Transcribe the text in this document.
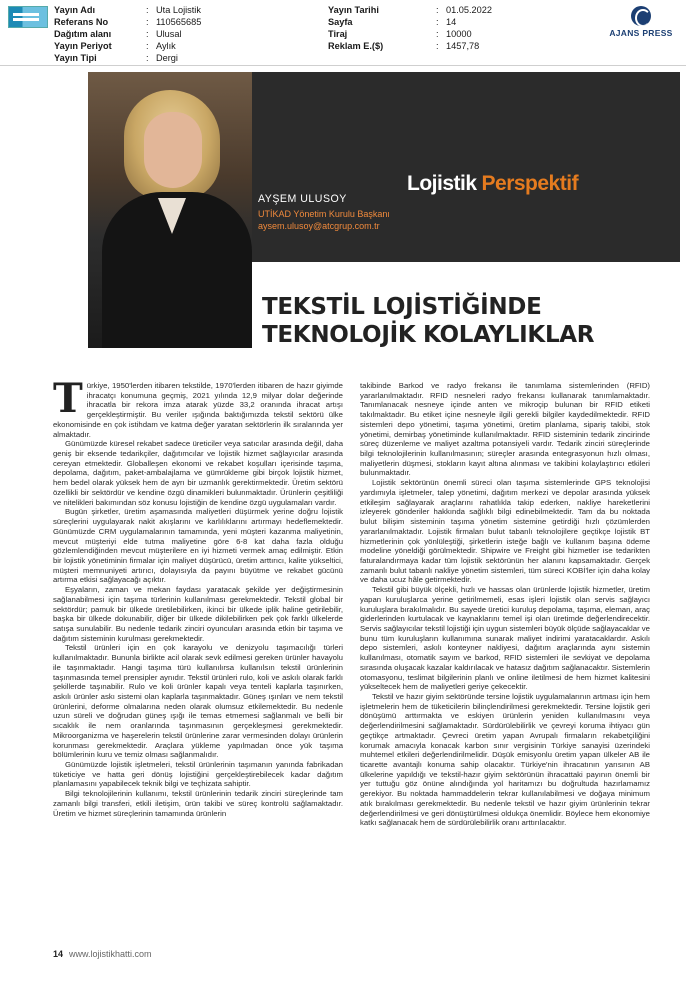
Yayın Adı	: Uta Lojistik
Referans No	: 110565685
Dağıtım alanı	: Ulusal
Yayın Periyot	: Aylık
Yayın Tipi	: Dergi
Yayın Tarihi	: 01.05.2022
Sayfa	: 14
Tiraj	: 10000
Reklam E.($)	: 1457,78
AJANS PRESS
Lojistik Perspektif
AYŞEM ULUSOY
UTİKAD Yönetim Kurulu Başkanı
aysem.ulusoy@atcgrup.com.tr
TEKSTİL LOJİSTİĞİNDE
TEKNOLOJİK KOLAYLIKLAR

Türkiye, 1950'lerden itibaren tekstilde, 1970'lerden itibaren de hazır giyimde ihracatçı konumuna geçmiş, 2021 yılında 12,9 milyar dolar değerinde ihracatla bir rekora imza atarak yüzde 33,2 oranında ihracat artışı gerçekleştirmiştir. Bu veriler ışığında baktığımızda tekstil sektörü ülke ekonomisinde en çok istihdam ve katma değer yaratan sektörlerin ilk sıralarında yer almaktadır.

Günümüzde küresel rekabet sadece üreticiler veya satıcılar arasında değil, daha geniş bir eksende tedarikçiler, dağıtımcılar ve lojistik hizmet sağlayıcılar arasında cereyan etmektedir. Globalleşen ekonomi ve rekabet koşulları içerisinde taşıma, depolama, dağıtım, paket-ambalajlama ve gümrükleme gibi birçok lojistik hizmet, hem bedel olarak yüksek hem de ayrı bir uzmanlık gerektirmektedir. Üretim sektörü özellikli bir sektördür ve kendine özgü dinamikleri bulunmaktadır. Ürünlerin çeşitliliği ve nitelikleri bakımından söz konusu lojistiğin de kendine özgü uygulamaları vardır.

Bugün şirketler, üretim aşamasında maliyetleri düşürmek yerine doğru lojistik süreçlerini uygulayarak nakit akışlarını ve karlılıklarını artırmayı hedeflemektedir. Günümüzde CRM uygulamalarının tamamında, yeni müşteri kazanma maliyetinin, mevcut müşteriyi elde tutma maliyetine göre 6-8 kat daha fazla olduğu gözlemlendiğinden mevcut müşterilere en iyi hizmeti vermek amaç edilmiştir. Etkin bir lojistik yönetiminin firmalar için maliyet düşürücü, üretim arttırıcı, kalite yükseltici, müşteri memnuniyeti artırıcı, dolayısıyla da payını büyütme ve rekabet gücünü artırma etkisi sağlayacağı açıktır.

Eşyaların, zaman ve mekan faydası yaratacak şekilde yer değiştirmesinin sağlanabilmesi için taşıma türlerinin kullanılması gerekmektedir. Tekstil global bir sektördür; pamuk bir ülkede üretilebilirken, ikinci bir ülkede iplik haline getirilebilir, başka bir ülkede dokunabilir, diğer bir ülkede dikilebilirken pek çok farklı ülkelerde satışa sunulabilir. Bu nedenle tedarik zinciri oyuncuları arasında etkin bir taşıma ve dağıtım sisteminin kurulması gerekmektedir.

Tekstil ürünleri için en çok karayolu ve denizyolu taşımacılığı türleri kullanılmaktadır. Bununla birlikte acil olarak sevk edilmesi gereken ürünler havayolu ile taşınmaktadır. Hangi taşıma türü kullanılırsa kullanılsın tekstil ürünlerinin taşınmasında temel prensipler aynıdır. Tekstil ürünleri rulo, koli ve askılı olarak farklı şekillerde taşınabilir. Rulo ve koli ürünler kapalı veya tenteli kaplarla taşınırken, askılı ürünler askı sistemi olan kaplarla taşınmaktadır. Güneş ışınları ve nem tekstil ürünlerini, deforme olmalarına neden olarak olumsuz etkilemektedir. Bu nedenle uzun süreli ve doğrudan güneş ışığı ile temas etmemesi sağlanmalı ve belli bir sıcaklık ile nem oranlarında taşınmasının gerçekleşmesi gerekmektedir. Mikroorganizma ve haşerelerin tekstil ürünlerine zarar vermesinden dolayı ürünlerin korunması gerekmektedir. Araçlara yükleme yapılmadan önce yük taşıma bölümlerinin kuru ve temiz olması sağlanmalıdır.

Günümüzde lojistik işletmeleri, tekstil ürünlerinin taşımanın yanında fabrikadan tüketiciye ve hatta geri dönüş lojistiğini gerçekleştirebilecek kadar dağıtım planlamasını yapabilecek teknik bilgi ve teçhizata sahiptir.

Bilgi teknolojilerinin kullanımı, tekstil ürünlerinin tedarik zinciri süreçlerinde tam zamanlı bilgi transferi, etkili iletişim, ürün takibi ve süreç kontrolü sağlamaktadır. Üretim ve hizmet süreçlerinin tamamında ürünlerin

takibinde Barkod ve radyo frekansı ile tanımlama sistemlerinden (RFID) yararlanılmaktadır. RFID nesneleri radyo frekansı kullanarak tanımlamaktadır. Tanımlanacak nesneye içinde anten ve mikroçip bulunan bir RFID etiketi takılmaktadır. Bu etiket içine nesneyle ilgili gerekli bilgiler kaydedilmektedir. RFID sistemleri depo yönetimi, taşıma yönetimi, üretim planlama, sipariş takibi, stok yönetimi, demirbaş yönetiminde kullanılmaktadır. RFID sisteminin tedarik zincirinde süreç düzenleme ve maliyet azaltma potansiyeli vardır. Tedarik zinciri süreçlerinde bilgi teknolojilerinin kullanılmasının; süreçler arasında entegrasyonun hızlı olması, maliyetlerin düşmesi, stokların kayıt altına alınması ve takibini kolaylaştırıcı etkileri bulunmaktadır.

Lojistik sektörünün önemli süreci olan taşıma sistemlerinde GPS teknolojisi yardımıyla işletmeler, talep yönetimi, dağıtım merkezi ve depolar arasında yüksek etkileşim sağlayarak araçlarını rahatlıkla takip ederken, nakliye hareketlerini izleyerek gönderiler hakkında sağlıklı bilgi edinebilmektedir. Tam da bu noktada bulut bilişim sisteminin taşıma yönetim sistemine getirdiği hızlı çözümlerden yararlanılmaktadır. Lojistik firmaları bulut tabanlı teknolojilere geçtikçe lojistik BT hizmetlerinin çok yönlüleştiği, şirketlerin isteğe bağlı ve kullanım başına ödeme modeline yöneldiği görülmektedir. Shipwire ve Freight gibi hizmetler ise tedarikten faturalandırmaya kadar tüm lojistik sektörünün her alanını kapsamaktadır. Gerçek zamanlı bulut tabanlı nakliye yönetim sistemleri, tüm süreci KOBİ'ler için daha kolay ve daha ucuz hâle getirmektedir.

Tekstil gibi büyük ölçekli, hızlı ve hassas olan ürünlerde lojistik hizmetler, üretim yapan kuruluşlarca yerine getirilmemeli, esas işleri lojistik olan servis sağlayıcı kuruluşlara bırakılmalıdır. Bu sayede üretici kuruluş depolama, taşıma, eleman, araç giderlerinden kurtulacak ve kaynaklarını temel işi olan üretimde değerlendirecektir. Servis sağlayıcılar tekstil lojistiği için uygun sistemleri büyük ölçüde sağlayacaklar ve bunu tüm kuruluşların kullanımına sunarak maliyet indirimi yaratacaklardır. Askılı depo sistemleri, askılı konteyner nakliyesi, dağıtım araçlarında aynı sistemin kullanılması, otomatik sayım ve barkod, RFID sistemleri ile sevkiyat ve depolama sırasında oluşacak kazalar kaldırılacak ve hatasız dağıtım sağlanacaktır. Sistemlerin otomasyonu, teslimat bilgilerinin planlı ve online iletilmesi de hem hizmet kalitesini yükseltecek hem de maliyetleri geriye çekecektir.

Tekstil ve hazır giyim sektöründe tersine lojistik uygulamalarının artması için hem işletmelerin hem de tüketicilerin bilinçlendirilmesi gerekmektedir. Tersine lojistik geri dönüşümü arttırmakta ve eskiyen ürünlerin yeniden kullanılmasını veya değerlendirilmesini sağlamaktadır. Sürdürülebilirlik ve çevreyi koruma ihtiyacı gün geçtikçe artmaktadır. Çevreci üretim yapan Avrupalı firmaların rekabetçiliğini korumak amacıyla konacak karbon sınır vergisinin Türkiye sanayisi üzerindeki muhtemel etkileri değerlendirilmelidir. Düşük emisyonlu üretim yapan ülkeler AB ile ticarette avantajlı konuma sahip olacaktır. Türkiye'nin ihracatının yarısının AB ülkelerine yapıldığı ve tekstil-hazır giyim sektörünün ihracattaki payının önemli bir yer tuttuğu göz önüne alındığında yol haritamızı bu doğrultuda hazırlamamız gerekiyor. Bu noktada hammaddelerin tekrar kullanılabilmesi ve doğaya minimum atık bırakılması gerekmektedir. Bu nedenle tekstil ve hazır giyim ürünlerinin tekrar değerlendirilmesi ve geri dönüştürülmesi oldukça önemlidir. Böylece hem ekonomiye katkı sağlanacak hem de sürdürülebilirlik oranı arttırılacaktır.

14 www.lojistikhatti.com
